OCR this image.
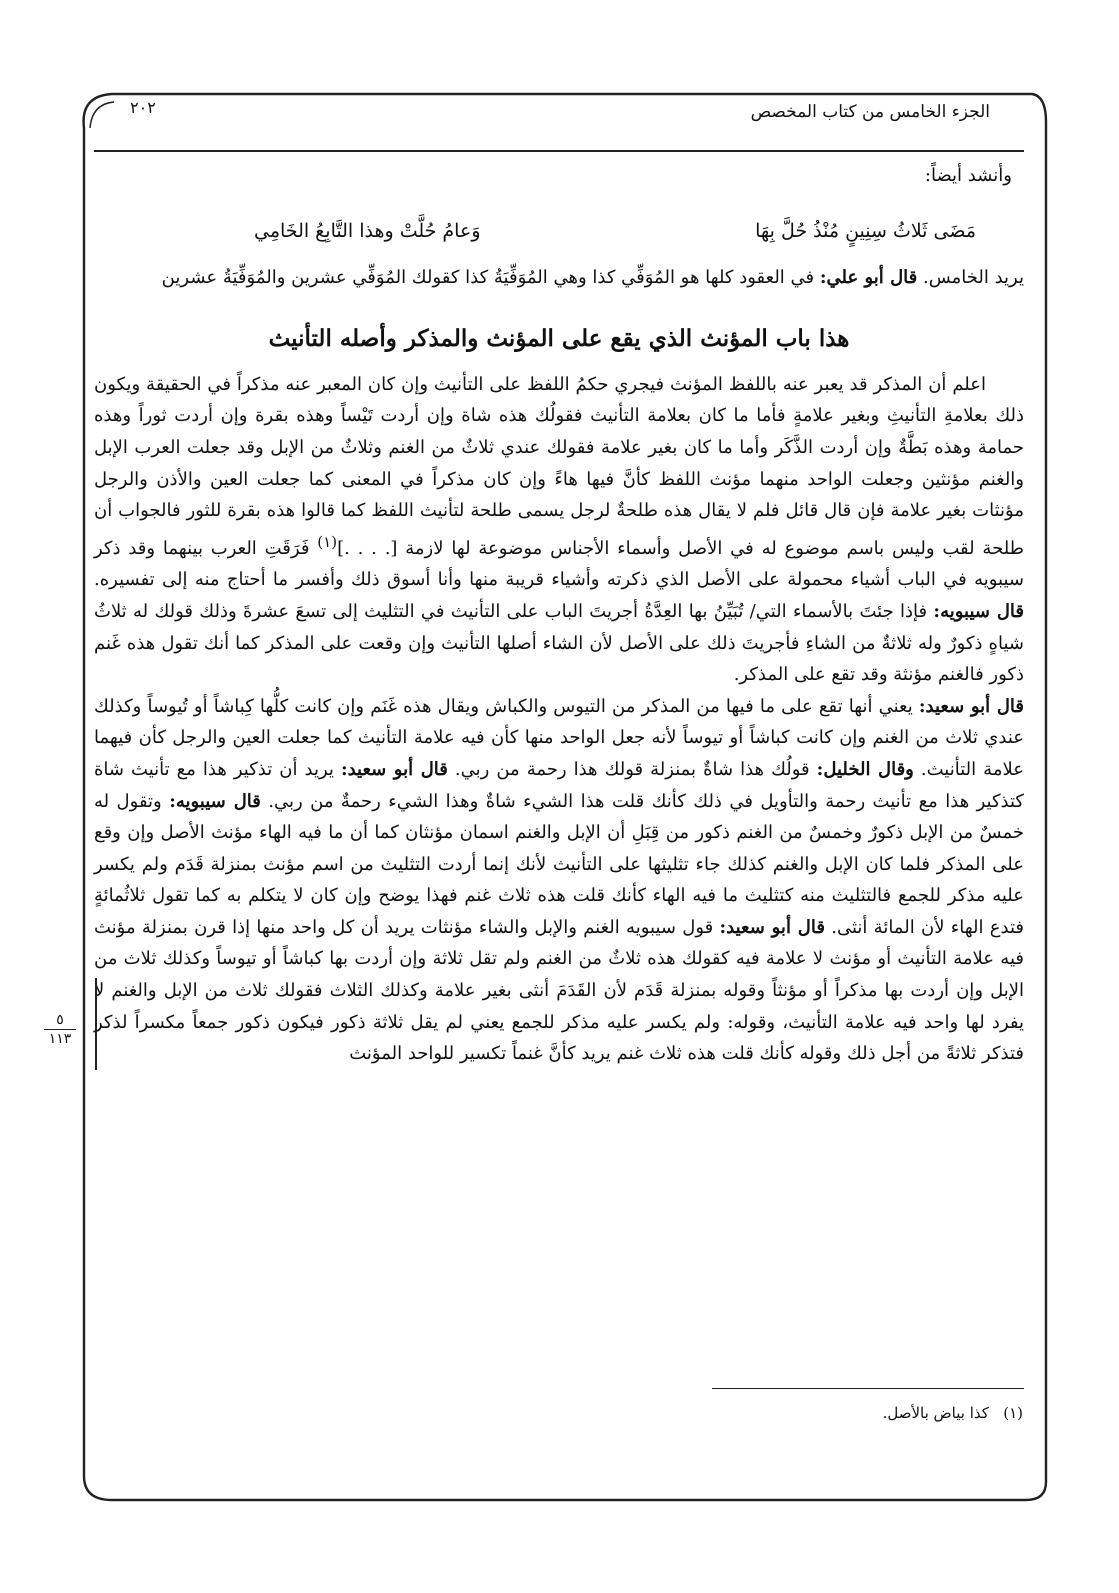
الجزء الخامس من كتاب المخصص
٢٠٢

وأنشد أيضاً:

مَضَى ثَلاثُ سِنِينٍ مُنْذُ حُلَّ بِهَا
وَعامُ حُلَّتْ وهذا التَّابِعُ الخَامِي

يريد الخامس. قال أبو علي: في العقود كلها هو المُوَفِّي كذا وهي المُوَفِّيَةُ كذا كقولك المُوَفِّي عشرين والمُوَفِّيَةُ عشرين

هذا باب المؤنث الذي يقع على المؤنث والمذكر وأصله التأنيث

اعلم أن المذكر قد يعبر عنه باللفظ المؤنث فيجري حكمُ اللفظ على التأنيث وإن كان المعبر عنه مذكراً في الحقيقة ويكون ذلك بعلامةِ التأنيثِ وبغير علامةٍ فأما ما كان بعلامة التأنيث فقولُك هذه شاة وإن أردت تَيْساً وهذه بقرة وإن أردت ثوراً وهذه حمامة وهذه بَطَّةٌ وإن أردت الذَّكَر وأما ما كان بغير علامة فقولك عندي ثلاثٌ من الغنم وثلاثٌ من الإبل وقد جعلت العرب الإبل والغنم مؤنثين وجعلت الواحد منهما مؤنث اللفظ كأنَّ فيها هاءً وإن كان مذكراً في المعنى كما جعلت العين والأذن والرجل مؤنثات بغير علامة فإن قال قائل فلم لا يقال هذه طلحةٌ لرجل يسمى طلحة لتأنيث اللفظ كما قالوا هذه بقرة للثور فالجواب أن طلحة لقب وليس باسم موضوع له في الأصل وأسماء الأجناس موضوعة لها لازمة [. . . .]$^{(١)}$ فَرَقَتِ العرب بينهما وقد ذكر سيبويه في الباب أشياء محمولة على الأصل الذي ذكرته وأشياء قريبة منها وأنا أسوق ذلك وأفسر ما أحتاج منه إلى تفسيره. قال سيبويه: فإذا جئتَ بالأسماء التي/ تُبَيِّنُ بها العِدَّةُ أجريتَ الباب على التأنيث في التثليث إلى تسعَ عشرةَ وذلك قولك له ثلاثُ شياهٍ ذكورٌ وله ثلاثةٌ من الشاءِ فأجريتَ ذلك على الأصل لأن الشاء أصلها التأنيث وإن وقعت على المذكر كما أنك تقول هذه غَنم ذكور فالغنم مؤنثة وقد تقع على المذكر.
قال أبو سعيد: يعني أنها تقع على ما فيها من المذكر من التيوس والكباش ويقال هذه غَنَم وإن كانت كلُّها كِباشاً أو تُيوساً وكذلك عندي ثلاث من الغنم وإن كانت كباشاً أو تيوساً لأنه جعل الواحد منها كأن فيه علامة التأنيث كما جعلت العين والرجل كأن فيهما علامة التأنيث. وقال الخليل: قولُك هذا شاةٌ بمنزلة قولك هذا رحمة من ربي. قال أبو سعيد: يريد أن تذكير هذا مع تأنيث شاة كتذكير هذا مع تأنيث رحمة والتأويل في ذلك كأنك قلت هذا الشيء شاةٌ وهذا الشيء رحمةٌ من ربي. قال سيبويه: وتقول له خمسٌ من الإبل ذكورٌ وخمسٌ من الغنم ذكور من قِبَلِ أن الإبل والغنم اسمان مؤنثان كما أن ما فيه الهاء مؤنث الأصل وإن وقع على المذكر فلما كان الإبل والغنم كذلك جاء تثليثها على التأنيث لأنك إنما أردت التثليث من اسم مؤنث بمنزلة قَدَم ولم يكسر عليه مذكر للجمع فالتثليث منه كتثليث ما فيه الهاء كأنك قلت هذه ثلاث غنم فهذا يوضح وإن كان لا يتكلم به كما تقول ثلاثُمائةٍ فتدع الهاء لأن المائة أنثى. قال أبو سعيد: قول سيبويه الغنم والإبل والشاء مؤنثات يريد أن كل واحد منها إذا قرن بمنزلة مؤنث فيه علامة التأنيث أو مؤنث لا علامة فيه كقولك هذه ثلاثٌ من الغنم ولم تقل ثلاثة وإن أردت بها كباشاً أو تيوساً وكذلك ثلاث من الإبل وإن أردت بها مذكراً أو مؤنثاً وقوله بمنزلة قَدَم لأن القَدَمَ أنثى بغير علامة وكذلك الثلاث فقولك ثلاث من الإبل والغنم لا يفرد لها واحد فيه علامة التأنيث، وقوله: ولم يكسر عليه مذكر للجمع يعني لم يقل ثلاثة ذكور فيكون ذكور جمعاً مكسراً لذكر فتذكر ثلاثةً من أجل ذلك وقوله كأنك قلت هذه ثلاث غنم يريد كأنَّ غنماً تكسير للواحد المؤنث

٥
١١٣
(١)   كذا بياض بالأصل.
